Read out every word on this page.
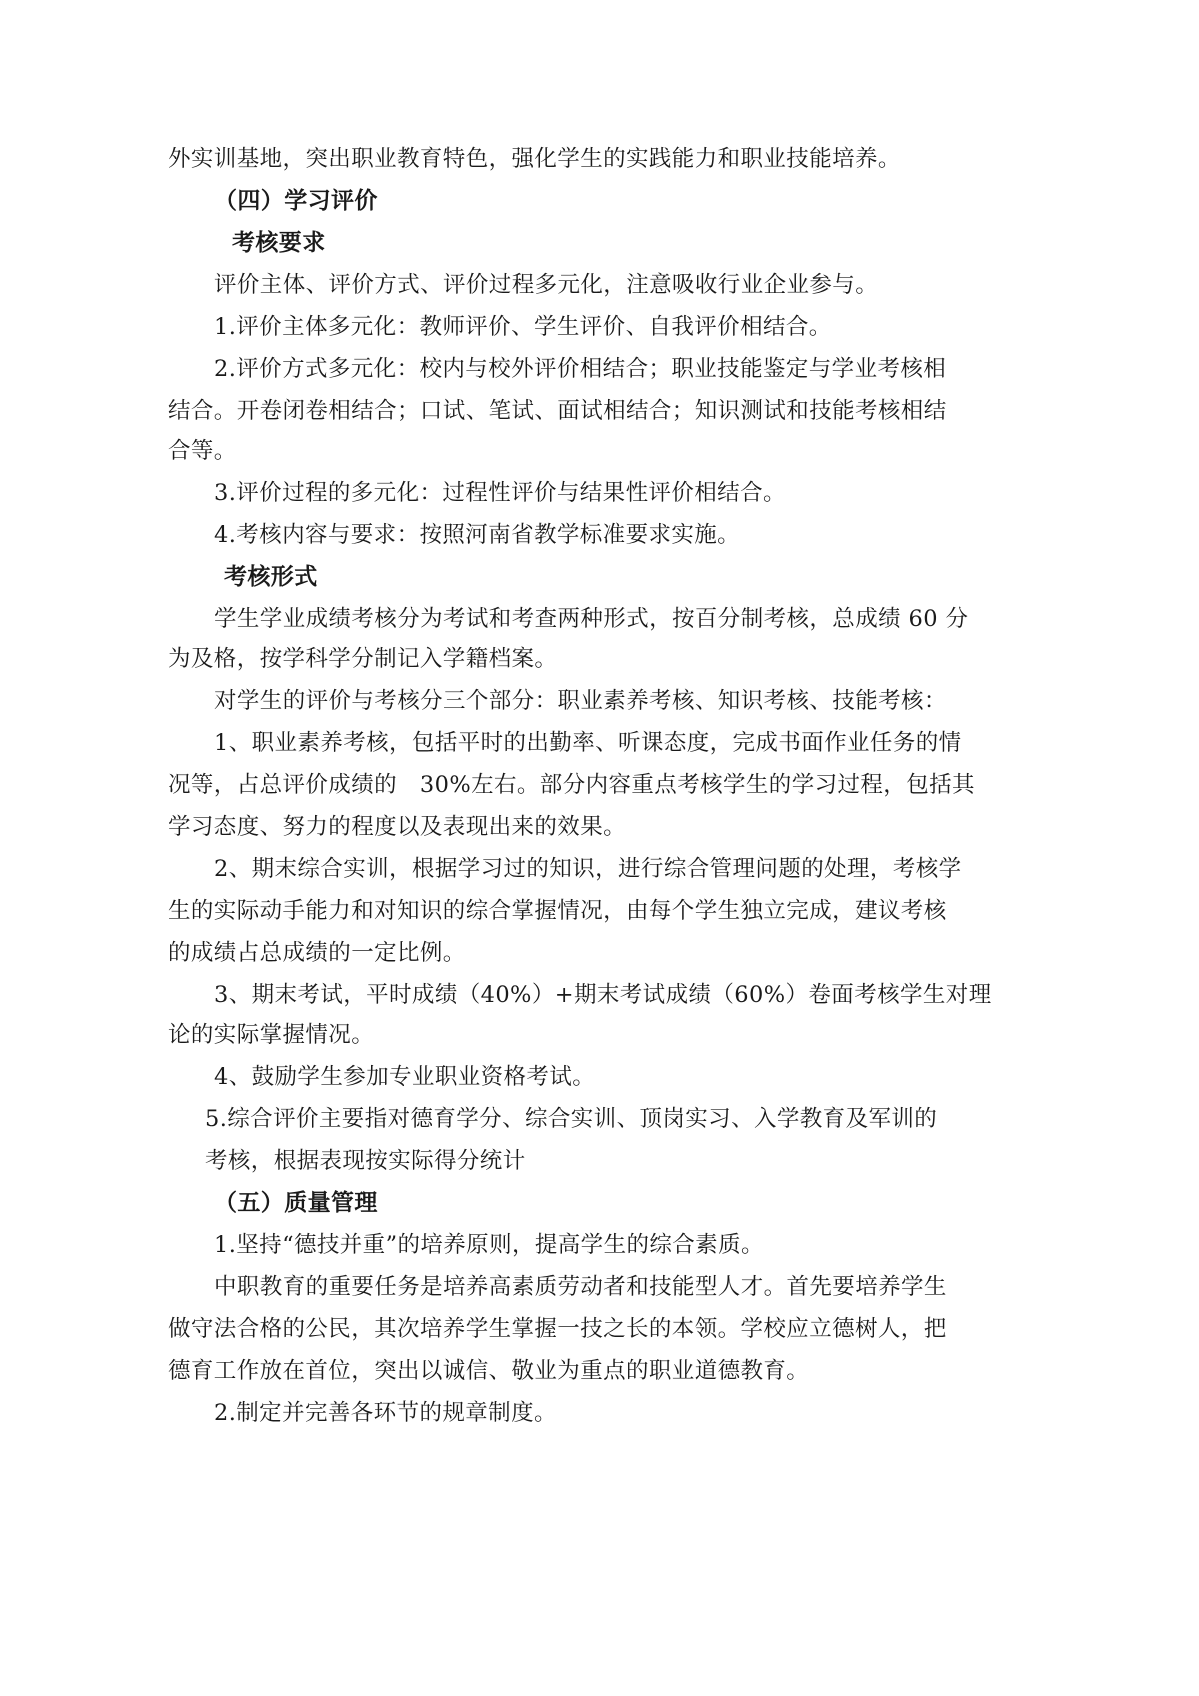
外实训基地，突出职业教育特色，强化学生的实践能力和职业技能培养。
（四）学习评价
考核要求
评价主体、评价方式、评价过程多元化，注意吸收行业企业参与。
1.评价主体多元化：教师评价、学生评价、自我评价相结合。
2.评价方式多元化：校内与校外评价相结合；职业技能鉴定与学业考核相
结合。开卷闭卷相结合；口试、笔试、面试相结合；知识测试和技能考核相结
合等。
3.评价过程的多元化：过程性评价与结果性评价相结合。
4.考核内容与要求：按照河南省教学标准要求实施。
考核形式
学生学业成绩考核分为考试和考查两种形式，按百分制考核，总成绩 60 分
为及格，按学科学分制记入学籍档案。
对学生的评价与考核分三个部分：职业素养考核、知识考核、技能考核：
1、职业素养考核，包括平时的出勤率、听课态度，完成书面作业任务的情
况等，占总评价成绩的　30%左右。部分内容重点考核学生的学习过程，包括其
学习态度、努力的程度以及表现出来的效果。
2、期末综合实训，根据学习过的知识，进行综合管理问题的处理，考核学
生的实际动手能力和对知识的综合掌握情况，由每个学生独立完成，建议考核
的成绩占总成绩的一定比例。
3、期末考试，平时成绩（40%）+期末考试成绩（60%）卷面考核学生对理
论的实际掌握情况。
4、鼓励学生参加专业职业资格考试。
5.综合评价主要指对德育学分、综合实训、顶岗实习、入学教育及军训的
考核，根据表现按实际得分统计
（五）质量管理
1.坚持“德技并重”的培养原则，提高学生的综合素质。
中职教育的重要任务是培养高素质劳动者和技能型人才。首先要培养学生
做守法合格的公民，其次培养学生掌握一技之长的本领。学校应立德树人，把
德育工作放在首位，突出以诚信、敬业为重点的职业道德教育。
2.制定并完善各环节的规章制度。
